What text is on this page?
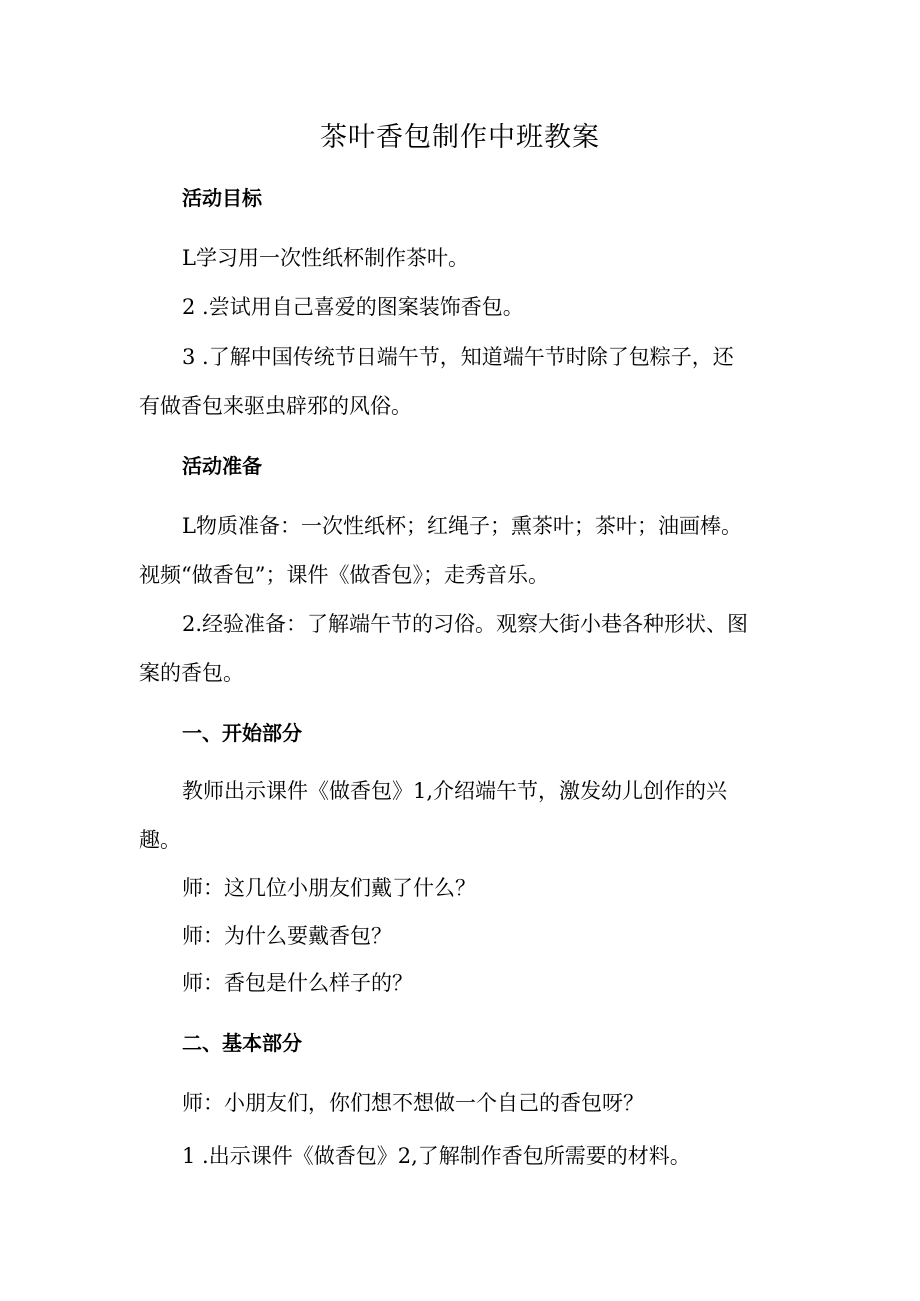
茶叶香包制作中班教案
活动目标
L学习用一次性纸杯制作茶叶。
2 .尝试用自己喜爱的图案装饰香包。
3 .了解中国传统节日端午节，知道端午节时除了包粽子，还
有做香包来驱虫辟邪的风俗。
活动准备
L物质准备：一次性纸杯；红绳子；熏茶叶；茶叶；油画棒。
视频“做香包”；课件《做香包》；走秀音乐。
2.经验准备：了解端午节的习俗。观察大街小巷各种形状、图
案的香包。
一、开始部分
教师出示课件《做香包》1,介绍端午节，激发幼儿创作的兴
趣。
师：这几位小朋友们戴了什么？
师：为什么要戴香包？
师：香包是什么样子的？
二、基本部分
师：小朋友们，你们想不想做一个自己的香包呀？
1 .出示课件《做香包》2,了解制作香包所需要的材料。
